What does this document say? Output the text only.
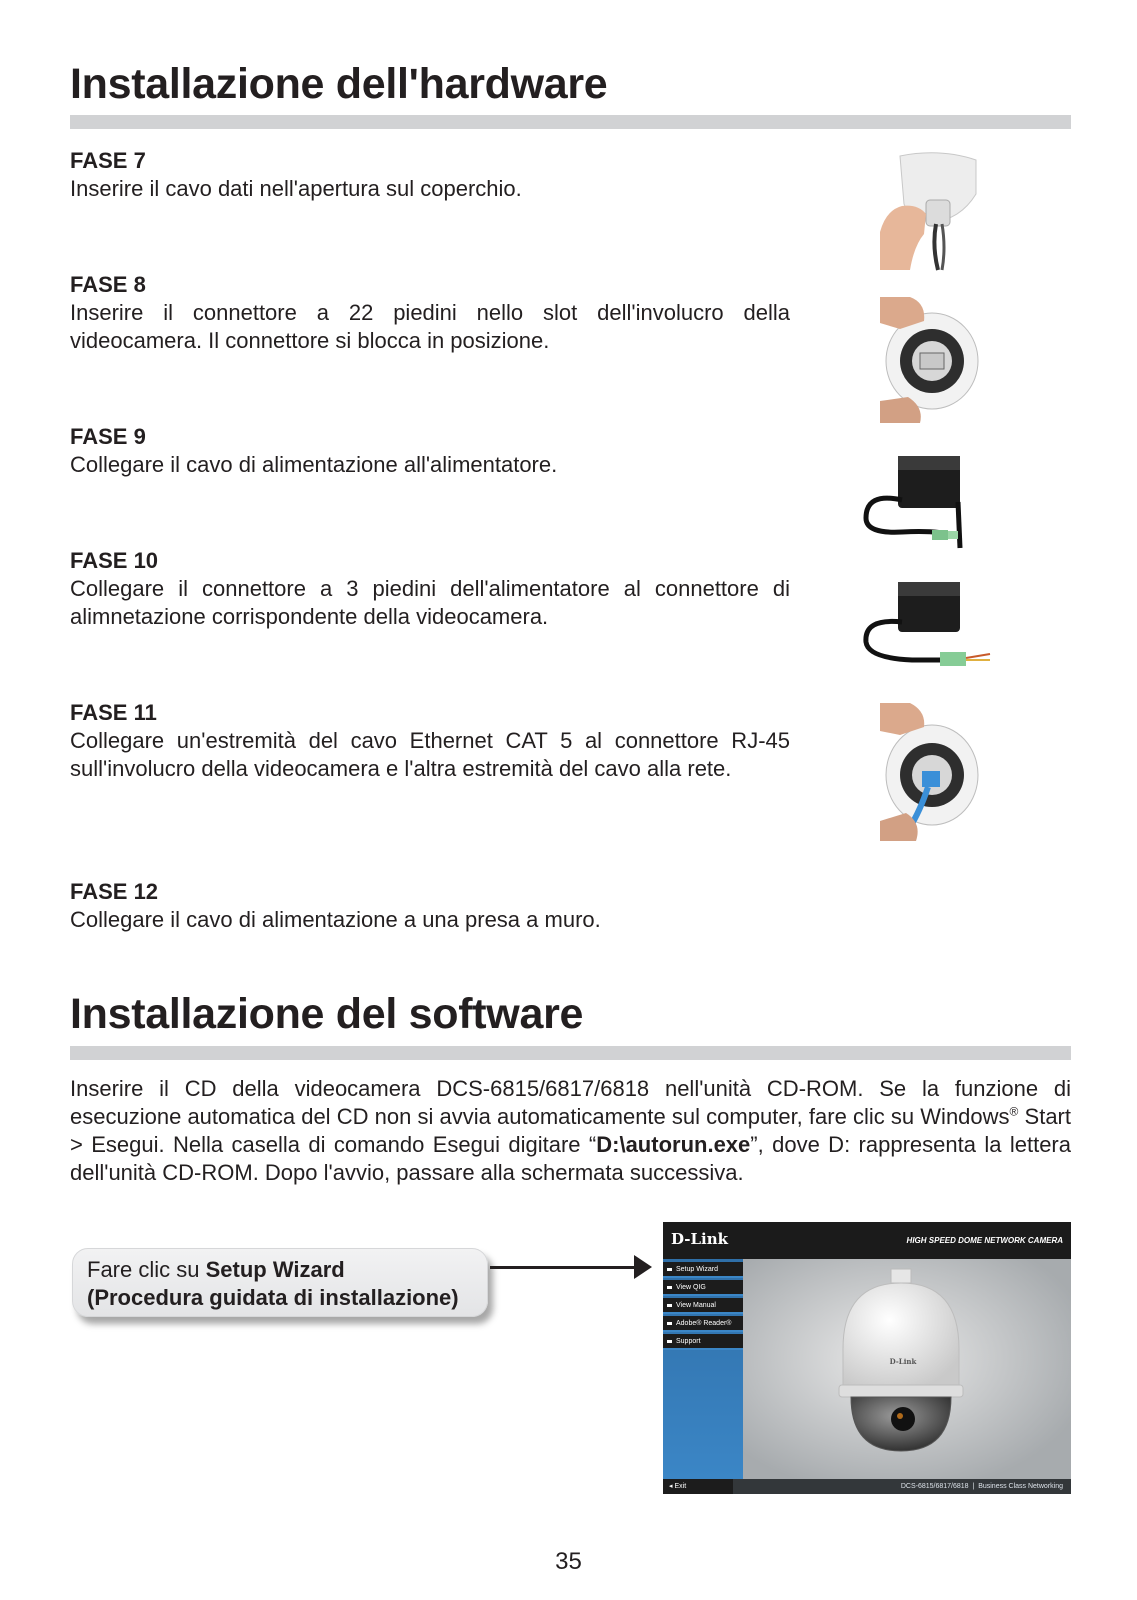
Installazione dell'hardware
FASE 7
Inserire il cavo dati nell'apertura sul coperchio.
FASE 8
Inserire il connettore a 22 piedini nello slot dell'involucro della videocamera. Il connettore si blocca in posizione.
FASE 9
Collegare il cavo di alimentazione all'alimentatore.
FASE 10
Collegare il connettore a 3 piedini dell'alimentatore al connettore di alimnetazione corrispondente della videocamera.
FASE 11
Collegare un'estremità del cavo Ethernet CAT 5 al connettore RJ-45 sull'involucro della videocamera e l'altra estremità del cavo alla rete.
FASE 12
Collegare il cavo di alimentazione a una presa a muro.
Installazione del software

Inserire il CD della videocamera DCS-6815/6817/6818 nell'unità CD-ROM. Se la funzione di esecuzione automatica del CD non si avvia automaticamente sul computer, fare clic su Windows® Start > Esegui. Nella casella di comando Esegui digitare “D:\autorun.exe”, dove D: rappresenta la lettera dell'unità CD-ROM. Dopo l'avvio, passare alla schermata successiva.

Fare clic su Setup Wizard
(Procedura guidata di installazione)
D-Link	HIGH SPEED DOME NETWORK CAMERA
Setup Wizard
View QIG
View Manual
Adobe® Reader®
Support
D-Link
◂ Exit	DCS-6815/6817/6818  |  Business Class Networking
35
